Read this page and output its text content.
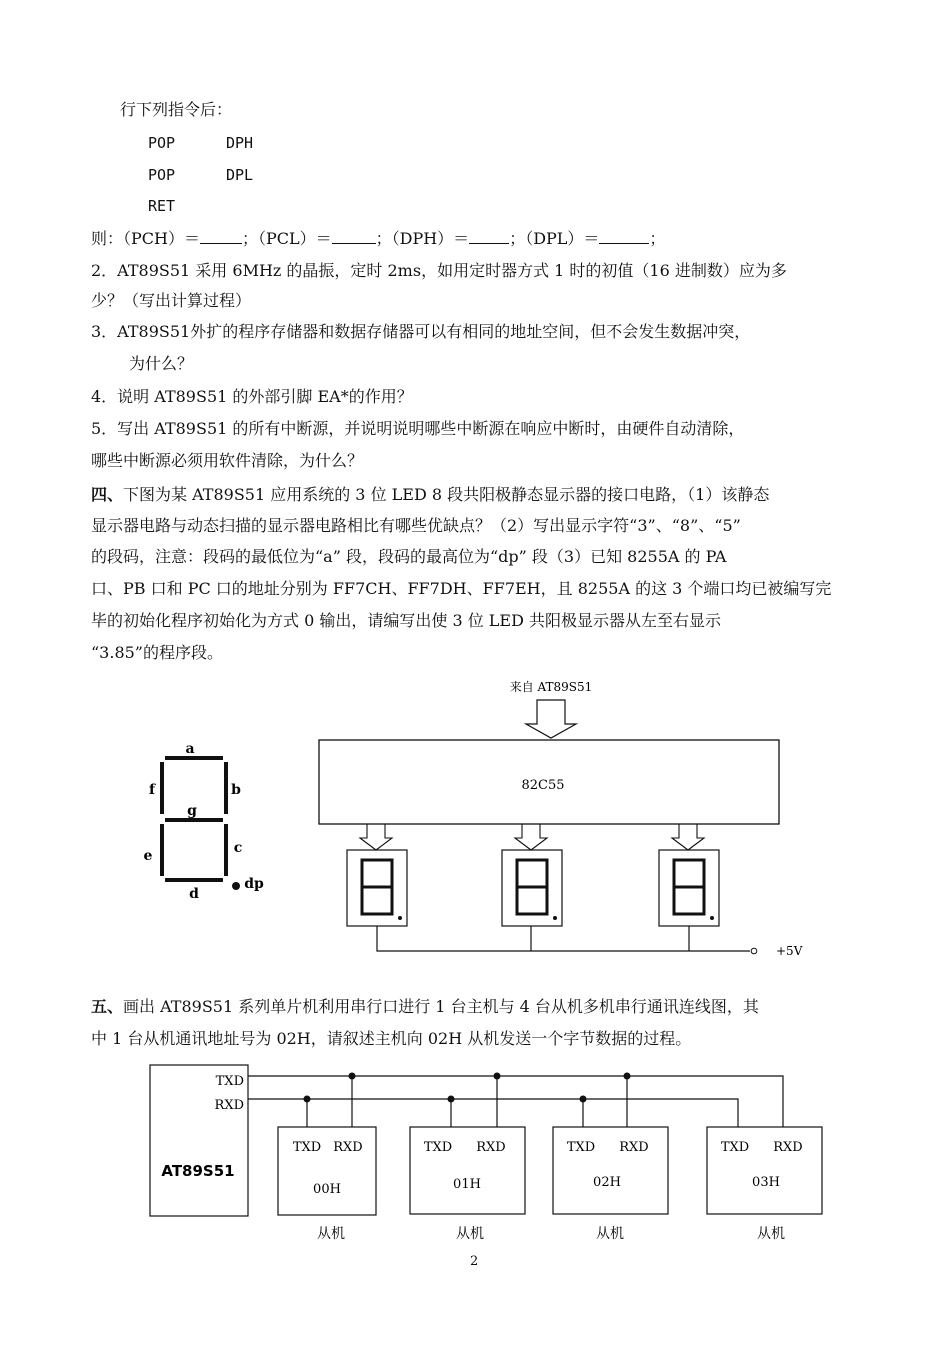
行下列指令后：
POP	DPH
POP	DPL
RET
则：（PCH）＝	；（PCL）＝	；（DPH）＝	；（DPL）＝	；
2．AT89S51 采用 6MHz 的晶振，定时 2ms，如用定时器方式 1 时的初值（16 进制数）应为多
少？（写出计算过程）
3．AT89S51外扩的程序存储器和数据存储器可以有相同的地址空间，但不会发生数据冲突，
为什么？
4．说明 AT89S51 的外部引脚 EA*的作用？
5．写出 AT89S51 的所有中断源，并说明说明哪些中断源在响应中断时，由硬件自动清除，
哪些中断源必须用软件清除，为什么？
四、下图为某 AT89S51 应用系统的 3 位 LED 8 段共阳极静态显示器的接口电路，（1）该静态
显示器电路与动态扫描的显示器电路相比有哪些优缺点？（2）写出显示字符“3”、“8”、“5”
的段码，注意：段码的最低位为“a” 段，段码的最高位为“dp” 段（3）已知 8255A 的 PA
口、PB 口和 PC 口的地址分别为 FF7CH、FF7DH、FF7EH，且 8255A 的这 3 个端口均已被编写完
毕的初始化程序初始化为方式 0 输出，请编写出使 3 位 LED 共阳极显示器从左至右显示
“3.85”的程序段。
来自 AT89S51
82C55
+5V
a
b
c
d
e
f
g
dp
五、画出 AT89S51 系列单片机利用串行口进行 1 台主机与 4 台从机多机串行通讯连线图，其
中 1 台从机通讯地址号为 02H，请叙述主机向 02H 从机发送一个字节数据的过程。
AT89S51
TXD
RXD
TXD RXD
00H
从机
TXD RXD
01H
从机
TXD RXD
02H
从机
TXD RXD
03H
从机
2
